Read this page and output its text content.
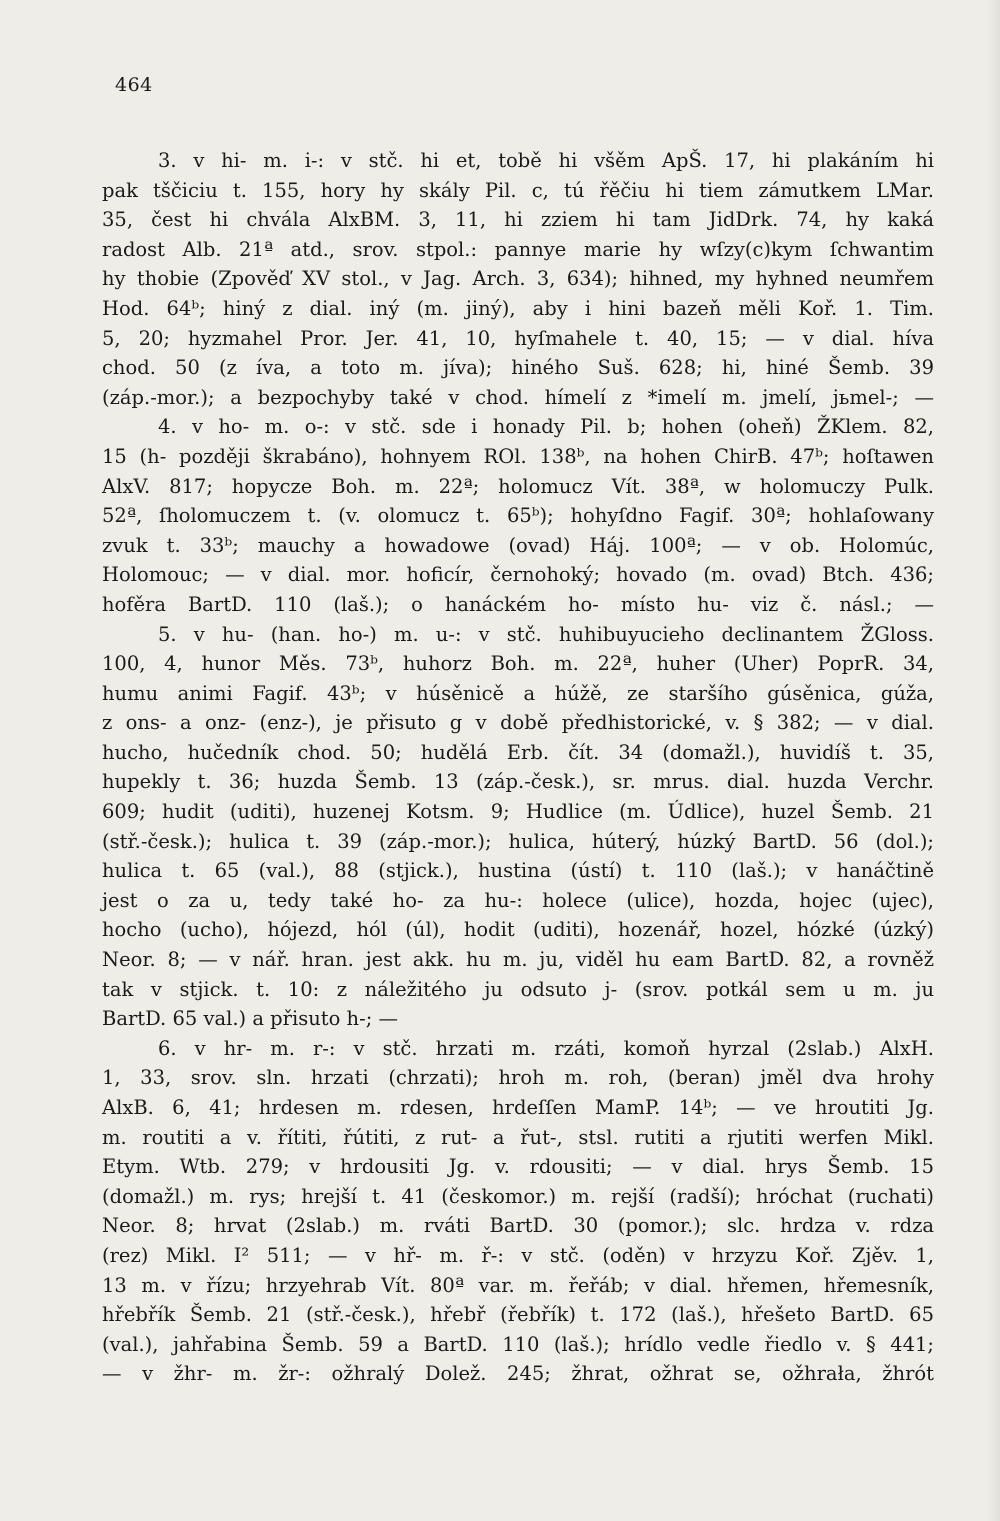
464
3. v hi- m. i-: v stč. hi et, tobě hi všěm ApŠ. 17, hi plakáním hi
pak tščiciu t. 155, hory hy skály Pil. c, tú řěčiu hi tiem zámutkem LMar.
35, čest hi chvála AlxBM. 3, 11, hi zziem hi tam JidDrk. 74, hy kaká
radost Alb. 21ª atd., srov. stpol.: pannye marie hy wſzy(c)kym ſchwantim
hy thobie (Zpověď XV stol., v Jag. Arch. 3, 634); hihned, my hyhned neumřem
Hod. 64ᵇ; hiný z dial. iný (m. jiný), aby i hini bazeň měli Koř. 1. Tim.
5, 20; hyzmahel Pror. Jer. 41, 10, hyſmahele t. 40, 15; — v dial. híva
chod. 50 (z íva, a toto m. jíva); hiného Suš. 628; hi, hiné Šemb. 39
(záp.-mor.); a bezpochyby také v chod. hímelí z *imelí m. jmelí, jьmel-; —
4. v ho- m. o-: v stč. sde i honady Pil. b; hohen (oheň) ŽKlem. 82,
15 (h- později škrabáno), hohnyem ROl. 138ᵇ, na hohen ChirB. 47ᵇ; hoſtawen
AlxV. 817; hopycze Boh. m. 22ª; holomucz Vít. 38ª, w holomuczy Pulk.
52ª, ſholomuczem t. (v. olomucz t. 65ᵇ); hohyſdno Fagif. 30ª; hohlaſowany
zvuk t. 33ᵇ; mauchy a howadowe (ovad) Háj. 100ª; — v ob. Holomúc,
Holomouc; — v dial. mor. hoficír, černohoký; hovado (m. ovad) Btch. 436;
hofěra BartD. 110 (laš.); o hanáckém ho- místo hu- viz č. násl.; —
5. v hu- (han. ho-) m. u-: v stč. huhibuyucieho declinantem ŽGloss.
100, 4, hunor Měs. 73ᵇ, huhorz Boh. m. 22ª, huher (Uher) PoprR. 34,
humu animi Fagif. 43ᵇ; v húsěnicě a húžě, ze staršího gúsěnica, gúža,
z ons- a onz- (enz-), je přisuto g v době předhistorické, v. § 382; — v dial.
hucho, hučedník chod. 50; hudělá Erb. čít. 34 (domažl.), huvidíš t. 35,
hupekly t. 36; huzda Šemb. 13 (záp.-česk.), sr. mrus. dial. huzda Verchr.
609; hudit (uditi), huzenej Kotsm. 9; Hudlice (m. Údlice), huzel Šemb. 21
(stř.-česk.); hulica t. 39 (záp.-mor.); hulica, húterý, húzký BartD. 56 (dol.);
hulica t. 65 (val.), 88 (stjick.), hustina (ústí) t. 110 (laš.); v hanáčtině
jest o za u, tedy také ho- za hu-: holece (ulice), hozda, hojec (ujec),
hocho (ucho), hójezd, hól (úl), hodit (uditi), hozenář, hozel, hózké (úzký)
Neor. 8; — v nář. hran. jest akk. hu m. ju, viděl hu eam BartD. 82, a rovněž
tak v stjick. t. 10: z náležitého ju odsuto j- (srov. potkál sem u m. ju
BartD. 65 val.) a přisuto h-; —
6. v hr- m. r-: v stč. hrzati m. rzáti, komoň hyrzal (2slab.) AlxH.
1, 33, srov. sln. hrzati (chrzati); hroh m. roh, (beran) jměl dva hrohy
AlxB. 6, 41; hrdesen m. rdesen, hrdeſſen MamP. 14ᵇ; — ve hroutiti Jg.
m. routiti a v. řítiti, řútiti, z rut- a řut-, stsl. rutiti a rjutiti werfen Mikl.
Etym. Wtb. 279; v hrdousiti Jg. v. rdousiti; — v dial. hrys Šemb. 15
(domažl.) m. rys; hrejší t. 41 (českomor.) m. rejší (radší); hróchat (ruchati)
Neor. 8; hrvat (2slab.) m. rváti BartD. 30 (pomor.); slc. hrdza v. rdza
(rez) Mikl. I² 511; — v hř- m. ř-: v stč. (oděn) v hrzyzu Koř. Zjěv. 1,
13 m. v řízu; hrzyehrab Vít. 80ª var. m. řeřáb; v dial. hřemen, hřemesník,
hřebřík Šemb. 21 (stř.-česk.), hřebř (řebřík) t. 172 (laš.), hřešeto BartD. 65
(val.), jahřabina Šemb. 59 a BartD. 110 (laš.); hrídlo vedle řiedlo v. § 441;
— v žhr- m. žr-: ožhralý Dolež. 245; žhrat, ožhrat se, ožhrała, žhrót
